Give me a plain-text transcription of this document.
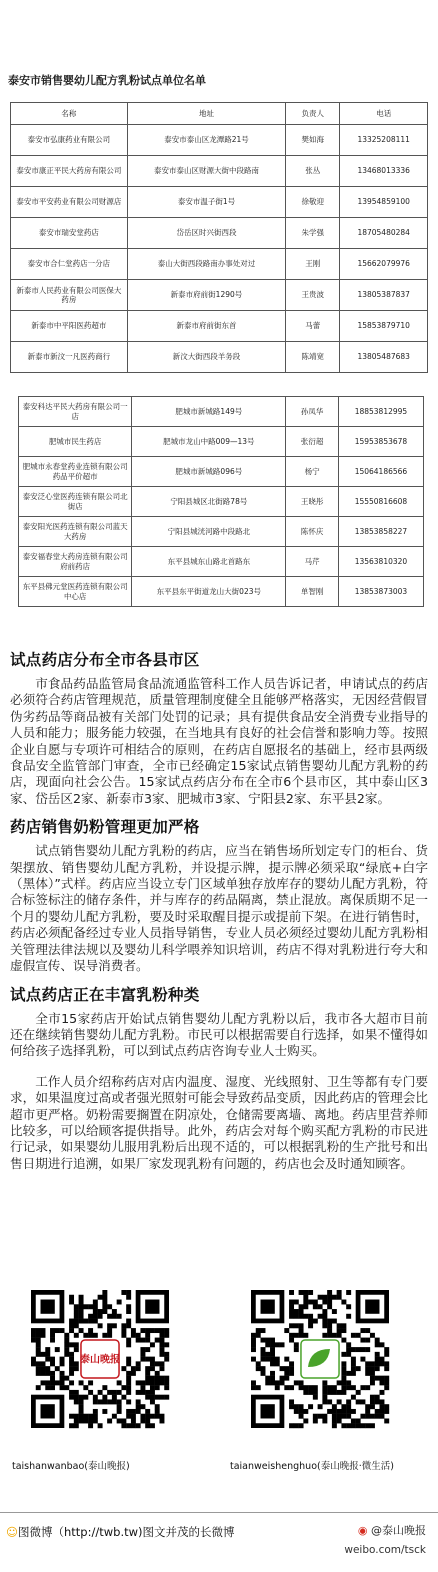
泰安市销售婴幼儿配方乳粉试点单位名单
名称	地址	负责人	电话
泰安市弘康药业有限公司	泰安市泰山区龙潭路21号	樊如海	13325208111
泰安市康正平民大药房有限公司	泰安市泰山区财源大街中段路南	张丛	13468013336
泰安市平安药业有限公司财源店	泰安市温子街1号	徐敬迎	13954859100
泰安市瑞安堂药店	岱岳区时兴街西段	朱学强	18705480284
泰安市合仁堂药店一分店	泰山大街西段路南办事处对过	王刚	15662079976
新泰市人民药业有限公司医保大药房	新泰市府前街1290号	王贵波	13805387837
新泰市中平阳医药超市	新泰市府前街东首	马蕾	15853879710
新泰市新汶一凡医药商行	新汶大街西段羊务段	陈靖宽	13805487683
泰安科达平民大药房有限公司一店	肥城市新城路149号	孙凤华	18853812995
肥城市民生药店	肥城市龙山中路009—13号	张衍超	15953853678
肥城市永春堂药业连锁有限公司药品平价超市	肥城市新城路096号	杨宁	15064186566
泰安泛心堂医药连锁有限公司北街店	宁阳县城区北街路78号	王晓彤	15550816608
泰安阳光医药连锁有限公司蓝天大药房	宁阳县城洸河路中段路北	陈怀庆	13853858227
泰安福春堂大药房连锁有限公司府前药店	东平县城东山路北首路东	马芹	13563810320
东平县佛元堂医药连锁有限公司中心店	东平县东平街道龙山大街023号	单智刚	13853873003
试点药店分布全市各县市区

市食品药品监管局食品流通监管科工作人员告诉记者，申请试点的药店必须符合药店管理规范，质量管理制度健全且能够严格落实，无因经营假冒伪劣药品等商品被有关部门处罚的记录；具有提供食品安全消费专业指导的人员和能力；服务能力较强，在当地具有良好的社会信誉和影响力等。按照企业自愿与专项许可相结合的原则，在药店自愿报名的基础上，经市县两级食品安全监管部门审查，全市已经确定15家试点销售婴幼儿配方乳粉的药店，现面向社会公告。15家试点药店分布在全市6个县市区，其中泰山区3家、岱岳区2家、新泰市3家、肥城市3家、宁阳县2家、东平县2家。

药店销售奶粉管理更加严格

试点销售婴幼儿配方乳粉的药店，应当在销售场所划定专门的柜台、货架摆放、销售婴幼儿配方乳粉，并设提示牌，提示牌必须采取“绿底+白字（黑体）”式样。药店应当设立专门区域单独存放库存的婴幼儿配方乳粉，符合标签标注的储存条件，并与库存的药品隔离，禁止混放。离保质期不足一个月的婴幼儿配方乳粉，要及时采取醒目提示或提前下架。在进行销售时，药店必须配备经过专业人员指导销售，专业人员必须经过婴幼儿配方乳粉相关管理法律法规以及婴幼儿科学喂养知识培训，药店不得对乳粉进行夸大和虚假宣传、误导消费者。

试点药店正在丰富乳粉种类

全市15家药店开始试点销售婴幼儿配方乳粉以后，我市各大超市目前还在继续销售婴幼儿配方乳粉。市民可以根据需要自行选择，如果不懂得如何给孩子选择乳粉，可以到试点药店咨询专业人士购买。

工作人员介绍称药店对店内温度、湿度、光线照射、卫生等都有专门要求，如果温度过高或者强光照射可能会导致药品变质，因此药店的管理会比超市更严格。奶粉需要搁置在阴凉处，仓储需要离墙、离地。药店里营养师比较多，可以给顾客提供指导。此外，药店会对每个购买配方乳粉的市民进行记录，如果婴幼儿服用乳粉后出现不适的，可以根据乳粉的生产批号和出售日期进行追溯，如果厂家发现乳粉有问题的，药店也会及时通知顾客。

泰山晚报
taishanwanbao(泰山晚报)	taianweishenghuo(泰山晚报·微生活)
☺图微博（http://twb.tw)图文并茂的长微博	◉ @泰山晚报
weibo.com/tsck
